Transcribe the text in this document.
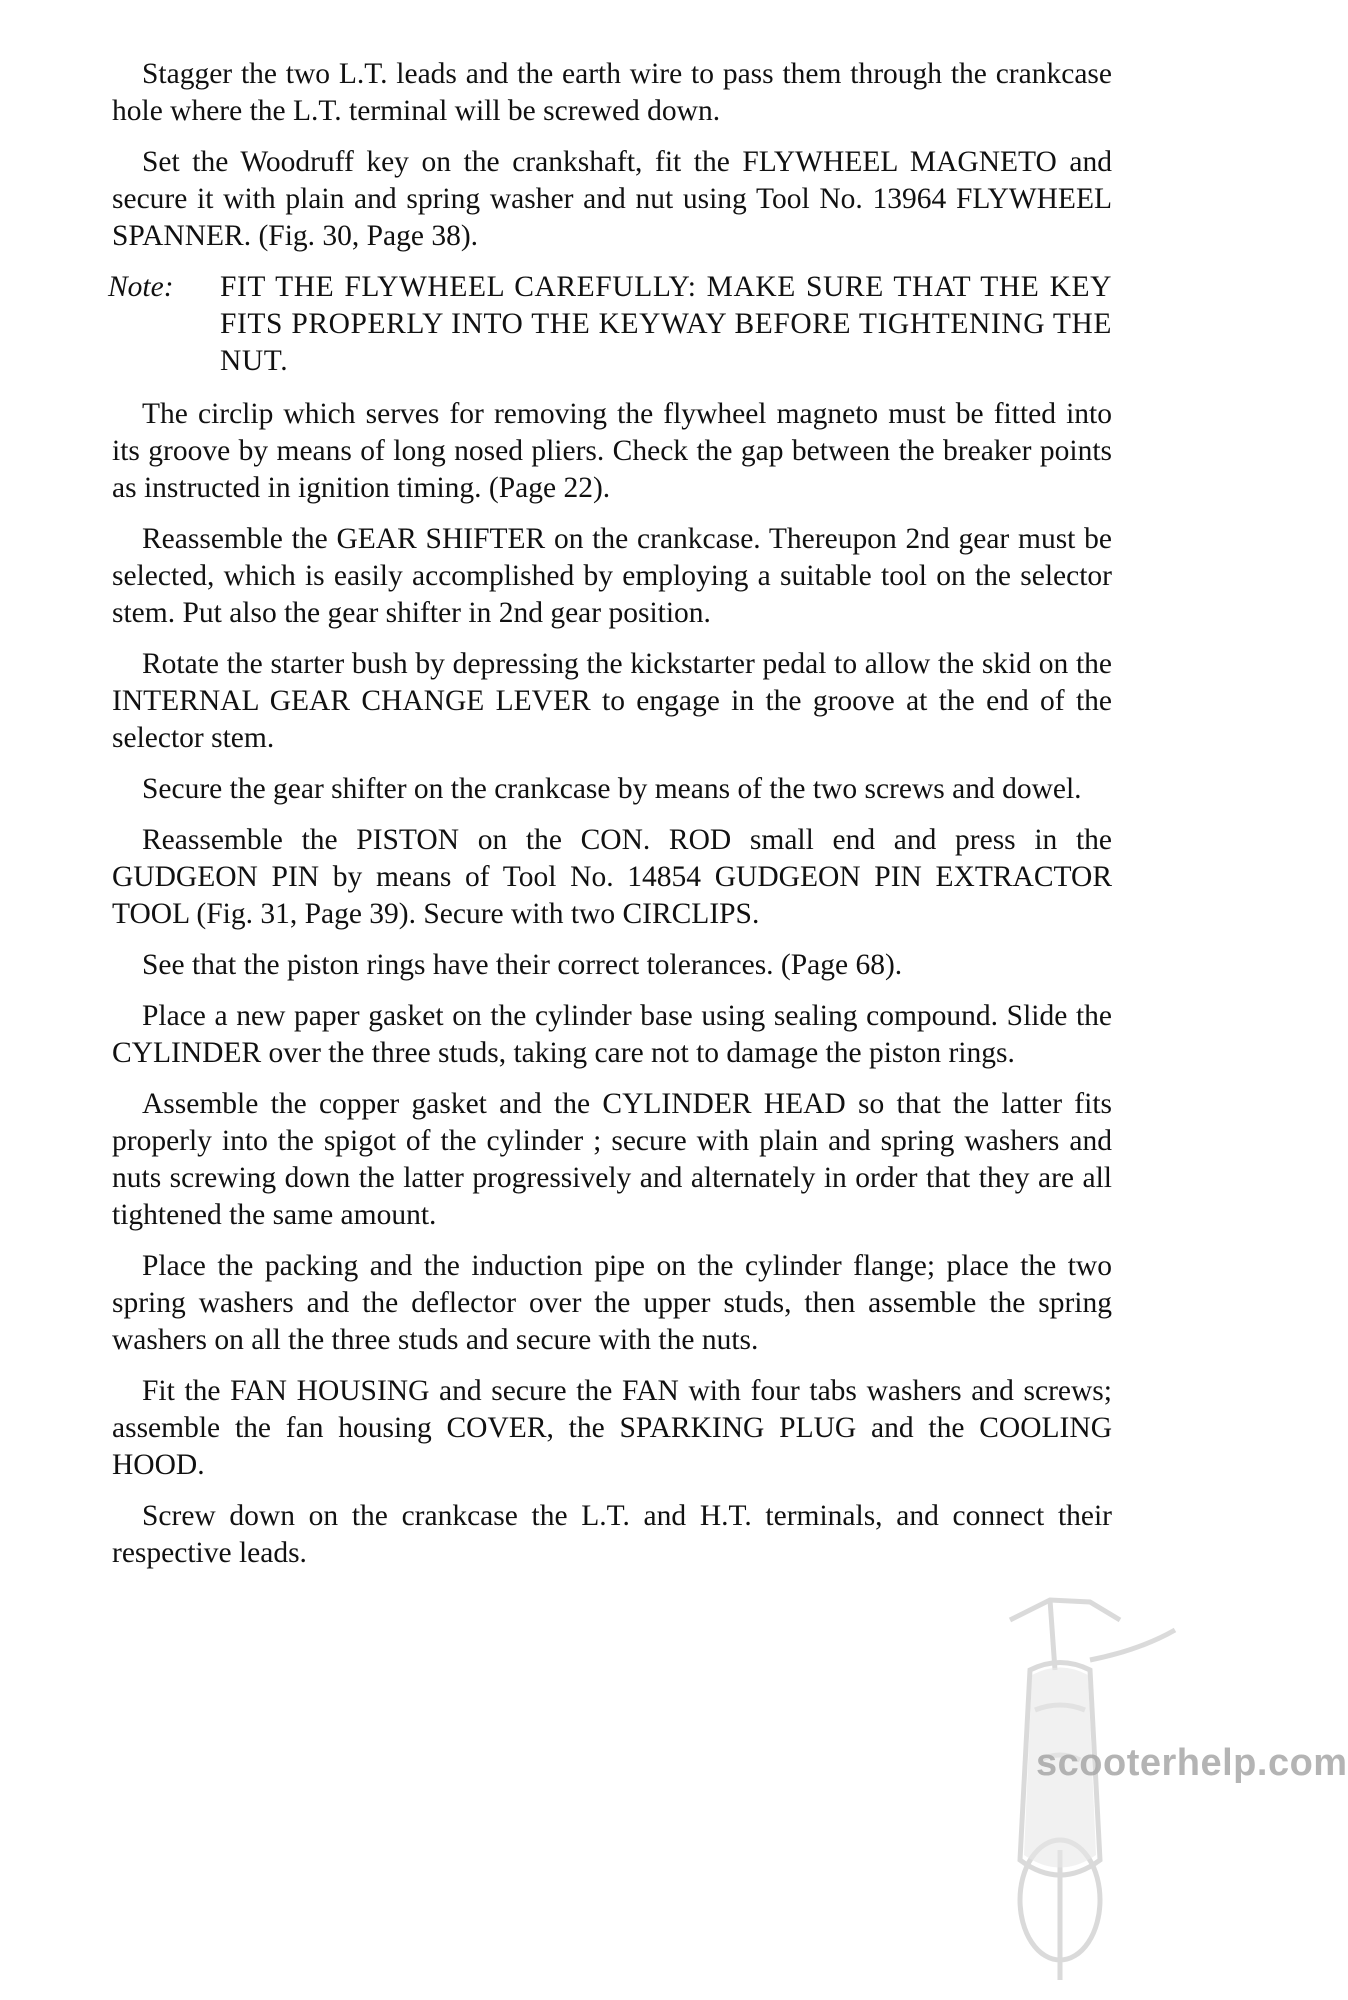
Stagger the two L.T. leads and the earth wire to pass them through the crankcase hole where the L.T. terminal will be screwed down.

Set the Woodruff key on the crankshaft, fit the FLYWHEEL MAGNETO and secure it with plain and spring washer and nut using Tool No. 13964 FLYWHEEL SPANNER. (Fig. 30, Page 38).

Note:	FIT THE FLYWHEEL CAREFULLY: MAKE SURE THAT THE KEY FITS PROPERLY INTO THE KEYWAY BEFORE TIGHTENING THE NUT.

The circlip which serves for removing the flywheel magneto must be fitted into its groove by means of long nosed pliers. Check the gap between the breaker points as instructed in ignition timing. (Page 22).

Reassemble the GEAR SHIFTER on the crankcase. Thereupon 2nd gear must be selected, which is easily accomplished by employing a suitable tool on the selector stem. Put also the gear shifter in 2nd gear position.

Rotate the starter bush by depressing the kickstarter pedal to allow the skid on the INTERNAL GEAR CHANGE LEVER to engage in the groove at the end of the selector stem.

Secure the gear shifter on the crankcase by means of the two screws and dowel.

Reassemble the PISTON on the CON. ROD small end and press in the GUDGEON PIN by means of Tool No. 14854 GUDGEON PIN EXTRACTOR TOOL (Fig. 31, Page 39). Secure with two CIRCLIPS.

See that the piston rings have their correct tolerances. (Page 68).

Place a new paper gasket on the cylinder base using sealing compound. Slide the CYLINDER over the three studs, taking care not to damage the piston rings.

Assemble the copper gasket and the CYLINDER HEAD so that the latter fits properly into the spigot of the cylinder ; secure with plain and spring washers and nuts screwing down the latter progressively and alternately in order that they are all tightened the same amount.

Place the packing and the induction pipe on the cylinder flange; place the two spring washers and the deflector over the upper studs, then assemble the spring washers on all the three studs and secure with the nuts.

Fit the FAN HOUSING and secure the FAN with four tabs washers and screws; assemble the fan housing COVER, the SPARKING PLUG and the COOLING HOOD.

Screw down on the crankcase the L.T. and H.T. terminals, and connect their respective leads.

scooterhelp.com
